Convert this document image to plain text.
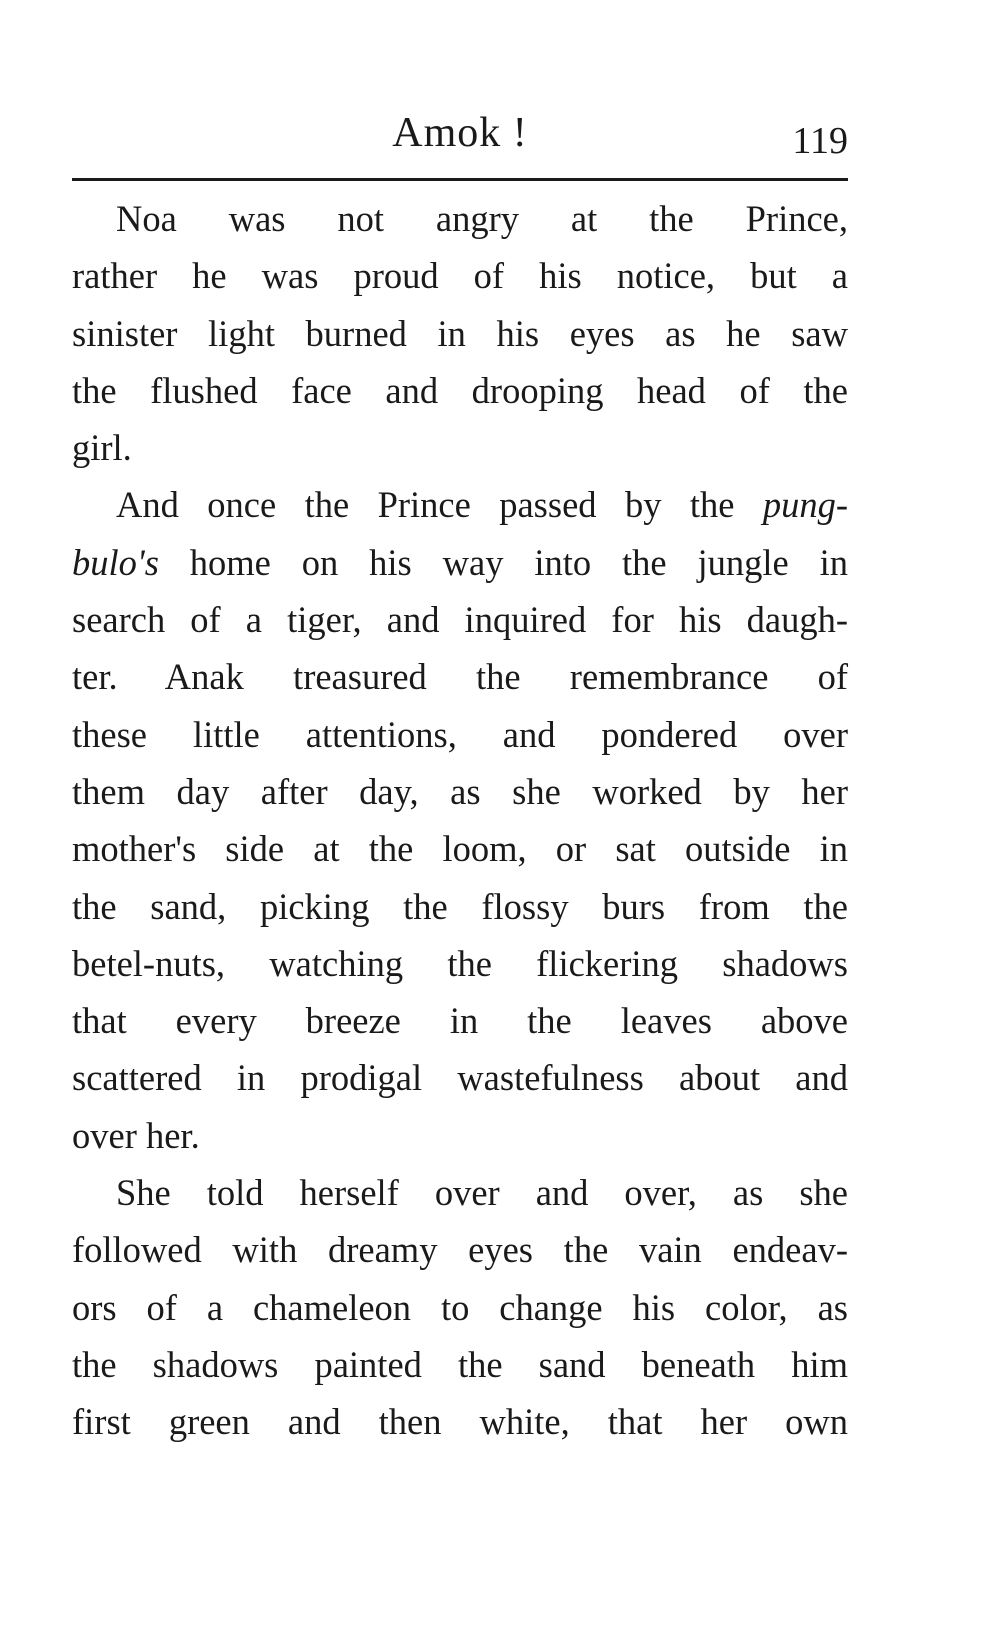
Amok !	119
Noa was not angry at the Prince,
rather he was proud of his notice, but a
sinister light burned in his eyes as he saw
the flushed face and drooping head of the
girl.
And once the Prince passed by the pung-
bulo's home on his way into the jungle in
search of a tiger, and inquired for his daugh-
ter. Anak treasured the remembrance of
these little attentions, and pondered over
them day after day, as she worked by her
mother's side at the loom, or sat outside in
the sand, picking the flossy burs from the
betel-nuts, watching the flickering shadows
that every breeze in the leaves above
scattered in prodigal wastefulness about and
over her.
She told herself over and over, as she
followed with dreamy eyes the vain endeav-
ors of a chameleon to change his color, as
the shadows painted the sand beneath him
first green and then white, that her own
